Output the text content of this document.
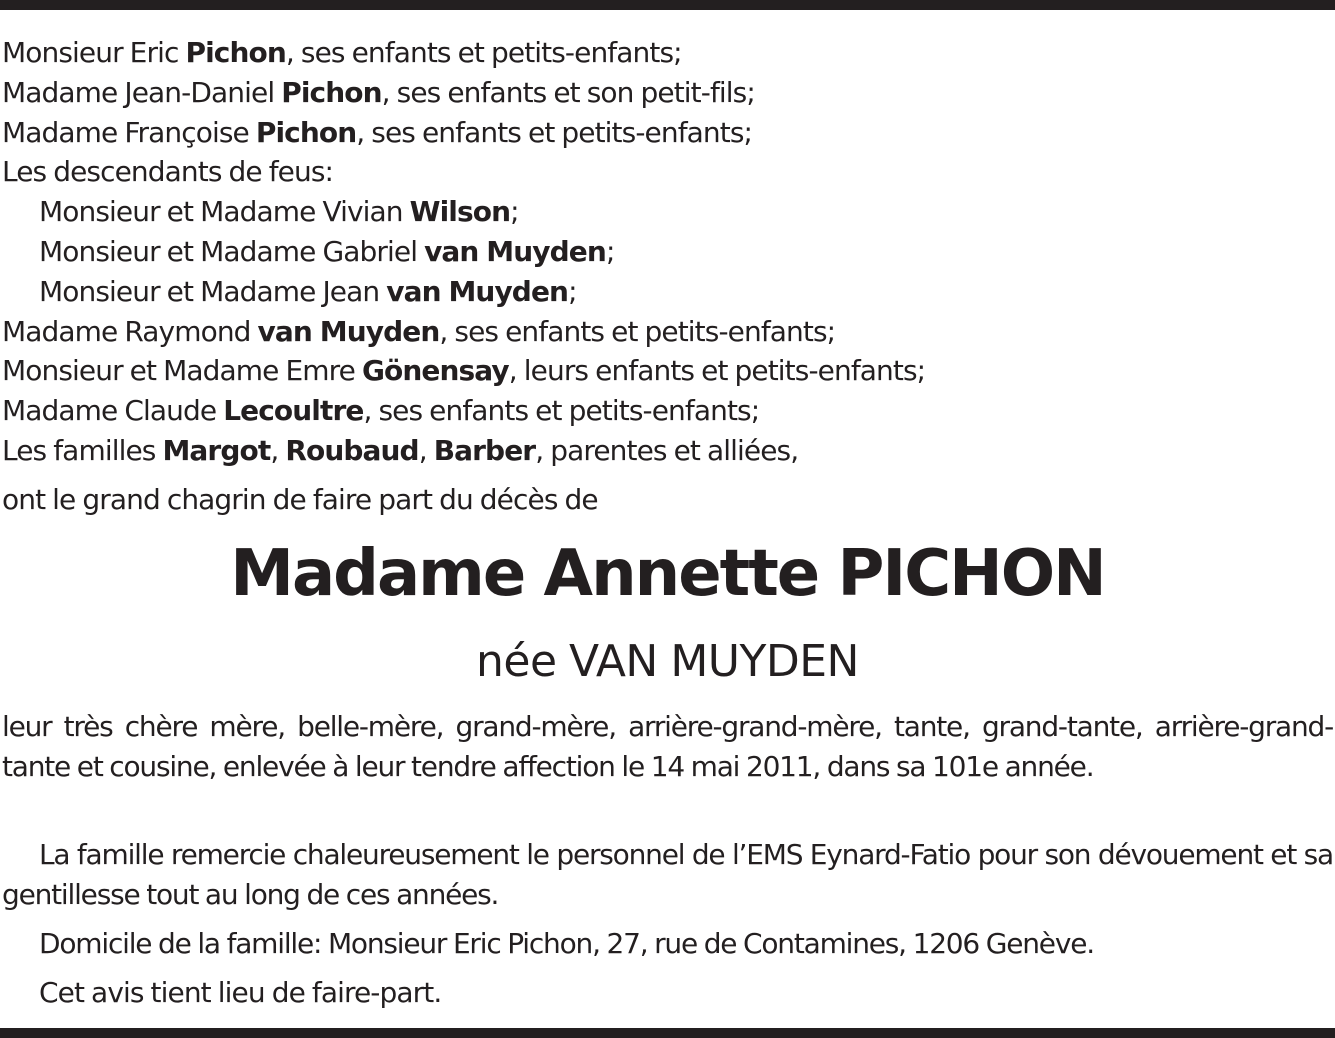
Monsieur Eric Pichon, ses enfants et petits-enfants;
Madame Jean-Daniel Pichon, ses enfants et son petit-fils;
Madame Françoise Pichon, ses enfants et petits-enfants;
Les descendants de feus:
Monsieur et Madame Vivian Wilson;
Monsieur et Madame Gabriel van Muyden;
Monsieur et Madame Jean van Muyden;
Madame Raymond van Muyden, ses enfants et petits-enfants;
Monsieur et Madame Emre Gönensay, leurs enfants et petits-enfants;
Madame Claude Lecoultre, ses enfants et petits-enfants;
Les familles Margot, Roubaud, Barber, parentes et alliées,
ont le grand chagrin de faire part du décès de
Madame Annette PICHON
née VAN MUYDEN
leur très chère mère, belle-mère, grand-mère, arrière-grand-mère, tante, grand-tante, arrière-grand-tante et cousine, enlevée à leur tendre affection le 14 mai 2011, dans sa 101e année.
La famille remercie chaleureusement le personnel de l’EMS Eynard-Fatio pour son dévouement et sa gentillesse tout au long de ces années.
Domicile de la famille: Monsieur Eric Pichon, 27, rue de Contamines, 1206 Genève.
Cet avis tient lieu de faire-part.
